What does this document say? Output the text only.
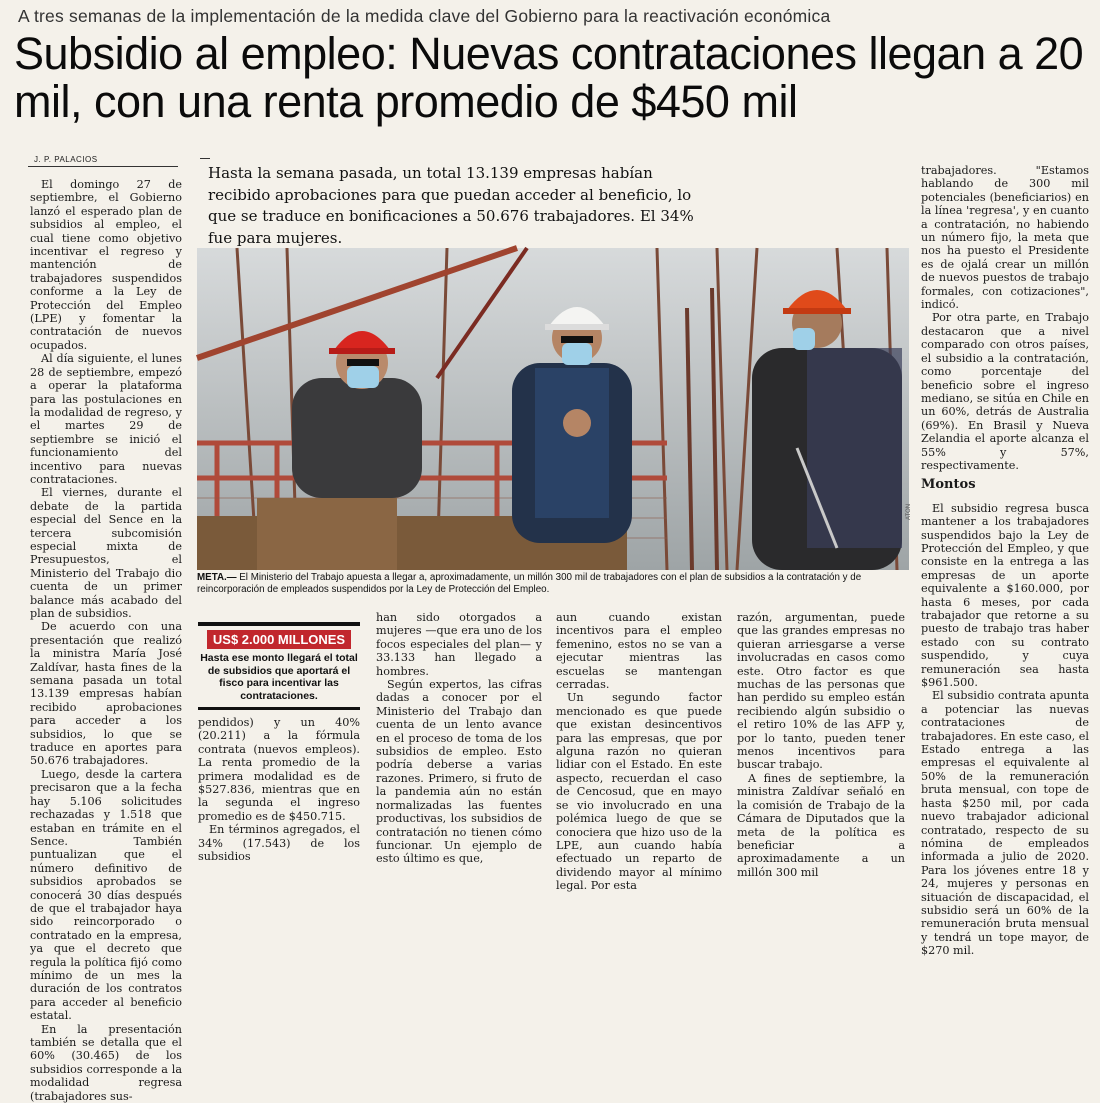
A tres semanas de la implementación de la medida clave del Gobierno para la reactivación económica
Subsidio al empleo: Nuevas contrataciones llegan a 20 mil, con una renta promedio de $450 mil
J. P. PALACIOS

El domingo 27 de septiembre, el Gobierno lanzó el esperado plan de subsidios al empleo, el cual tiene como objetivo incentivar el regreso y mantención de trabajadores suspendidos conforme a la Ley de Protección del Empleo (LPE) y fomentar la contratación de nuevos ocupados.

Al día siguiente, el lunes 28 de septiembre, empezó a operar la plataforma para las postulaciones en la modalidad de regreso, y el martes 29 de septiembre se inició el funcionamiento del incentivo para nuevas contrataciones.

El viernes, durante el debate de la partida especial del Sence en la tercera subcomisión especial mixta de Presupuestos, el Ministerio del Trabajo dio cuenta de un primer balance más acabado del plan de subsidios.

De acuerdo con una presentación que realizó la ministra María José Zaldívar, hasta fines de la semana pasada un total 13.139 empresas habían recibido aprobaciones para acceder a los subsidios, lo que se traduce en aportes para 50.676 trabajadores.

Luego, desde la cartera precisaron que a la fecha hay 5.106 solicitudes rechazadas y 1.518 que estaban en trámite en el Sence. También puntualizan que el número definitivo de subsidios aprobados se conocerá 30 días después de que el trabajador haya sido reincorporado o contratado en la empresa, ya que el decreto que regula la política fijó como mínimo de un mes la duración de los contratos para acceder al beneficio estatal.

En la presentación también se detalla que el 60% (30.465) de los subsidios corresponde a la modalidad regresa (trabajadores sus-

Hasta la semana pasada, un total 13.139 empresas habían recibido aprobaciones para que puedan acceder al beneficio, lo que se traduce en bonificaciones a 50.676 trabajadores. El 34% fue para mujeres.
ATON
META.— El Ministerio del Trabajo apuesta a llegar a, aproximadamente, un millón 300 mil de trabajadores con el plan de subsidios a la contratación y de reincorporación de empleados suspendidos por la Ley de Protección del Empleo.
US$ 2.000 MILLONES
Hasta ese monto llegará el total de subsidios que aportará el fisco para incentivar las contrataciones.

pendidos) y un 40% (20.211) a la fórmula contrata (nuevos empleos). La renta promedio de la primera modalidad es de $527.836, mientras que en la segunda el ingreso promedio es de $450.715.

En términos agregados, el 34% (17.543) de los subsidios

han sido otorgados a mujeres —que era uno de los focos especiales del plan— y 33.133 han llegado a hombres.

Según expertos, las cifras dadas a conocer por el Ministerio del Trabajo dan cuenta de un lento avance en el proceso de toma de los subsidios de empleo. Esto podría deberse a varias razones. Primero, si fruto de la pandemia aún no están normalizadas las fuentes productivas, los subsidios de contratación no tienen cómo funcionar. Un ejemplo de esto último es que,

aun cuando existan incentivos para el empleo femenino, estos no se van a ejecutar mientras las escuelas se mantengan cerradas.

Un segundo factor mencionado es que puede que existan desincentivos para las empresas, que por alguna razón no quieran lidiar con el Estado. En este aspecto, recuerdan el caso de Cencosud, que en mayo se vio involucrado en una polémica luego de que se conociera que hizo uso de la LPE, aun cuando había efectuado un reparto de dividendo mayor al mínimo legal. Por esta

razón, argumentan, puede que las grandes empresas no quieran arriesgarse a verse involucradas en casos como este. Otro factor es que muchas de las personas que han perdido su empleo están recibiendo algún subsidio o el retiro 10% de las AFP y, por lo tanto, pueden tener menos incentivos para buscar trabajo.

A fines de septiembre, la ministra Zaldívar señaló en la comisión de Trabajo de la Cámara de Diputados que la meta de la política es beneficiar a aproximadamente a un millón 300 mil

trabajadores. "Estamos hablando de 300 mil potenciales (beneficiarios) en la línea 'regresa', y en cuanto a contratación, no habiendo un número fijo, la meta que nos ha puesto el Presidente es de ojalá crear un millón de nuevos puestos de trabajo formales, con cotizaciones", indicó.

Por otra parte, en Trabajo destacaron que a nivel comparado con otros países, el subsidio a la contratación, como porcentaje del beneficio sobre el ingreso mediano, se sitúa en Chile en un 60%, detrás de Australia (69%). En Brasil y Nueva Zelandia el aporte alcanza el 55% y 57%, respectivamente.

Montos

El subsidio regresa busca mantener a los trabajadores suspendidos bajo la Ley de Protección del Empleo, y que consiste en la entrega a las empresas de un aporte equivalente a $160.000, por hasta 6 meses, por cada trabajador que retorne a su puesto de trabajo tras haber estado con su contrato suspendido, y cuya remuneración sea hasta $961.500.

El subsidio contrata apunta a potenciar las nuevas contrataciones de trabajadores. En este caso, el Estado entrega a las empresas el equivalente al 50% de la remuneración bruta mensual, con tope de hasta $250 mil, por cada nuevo trabajador adicional contratado, respecto de su nómina de empleados informada a julio de 2020. Para los jóvenes entre 18 y 24, mujeres y personas en situación de discapacidad, el subsidio será un 60% de la remuneración bruta mensual y tendrá un tope mayor, de $270 mil.
